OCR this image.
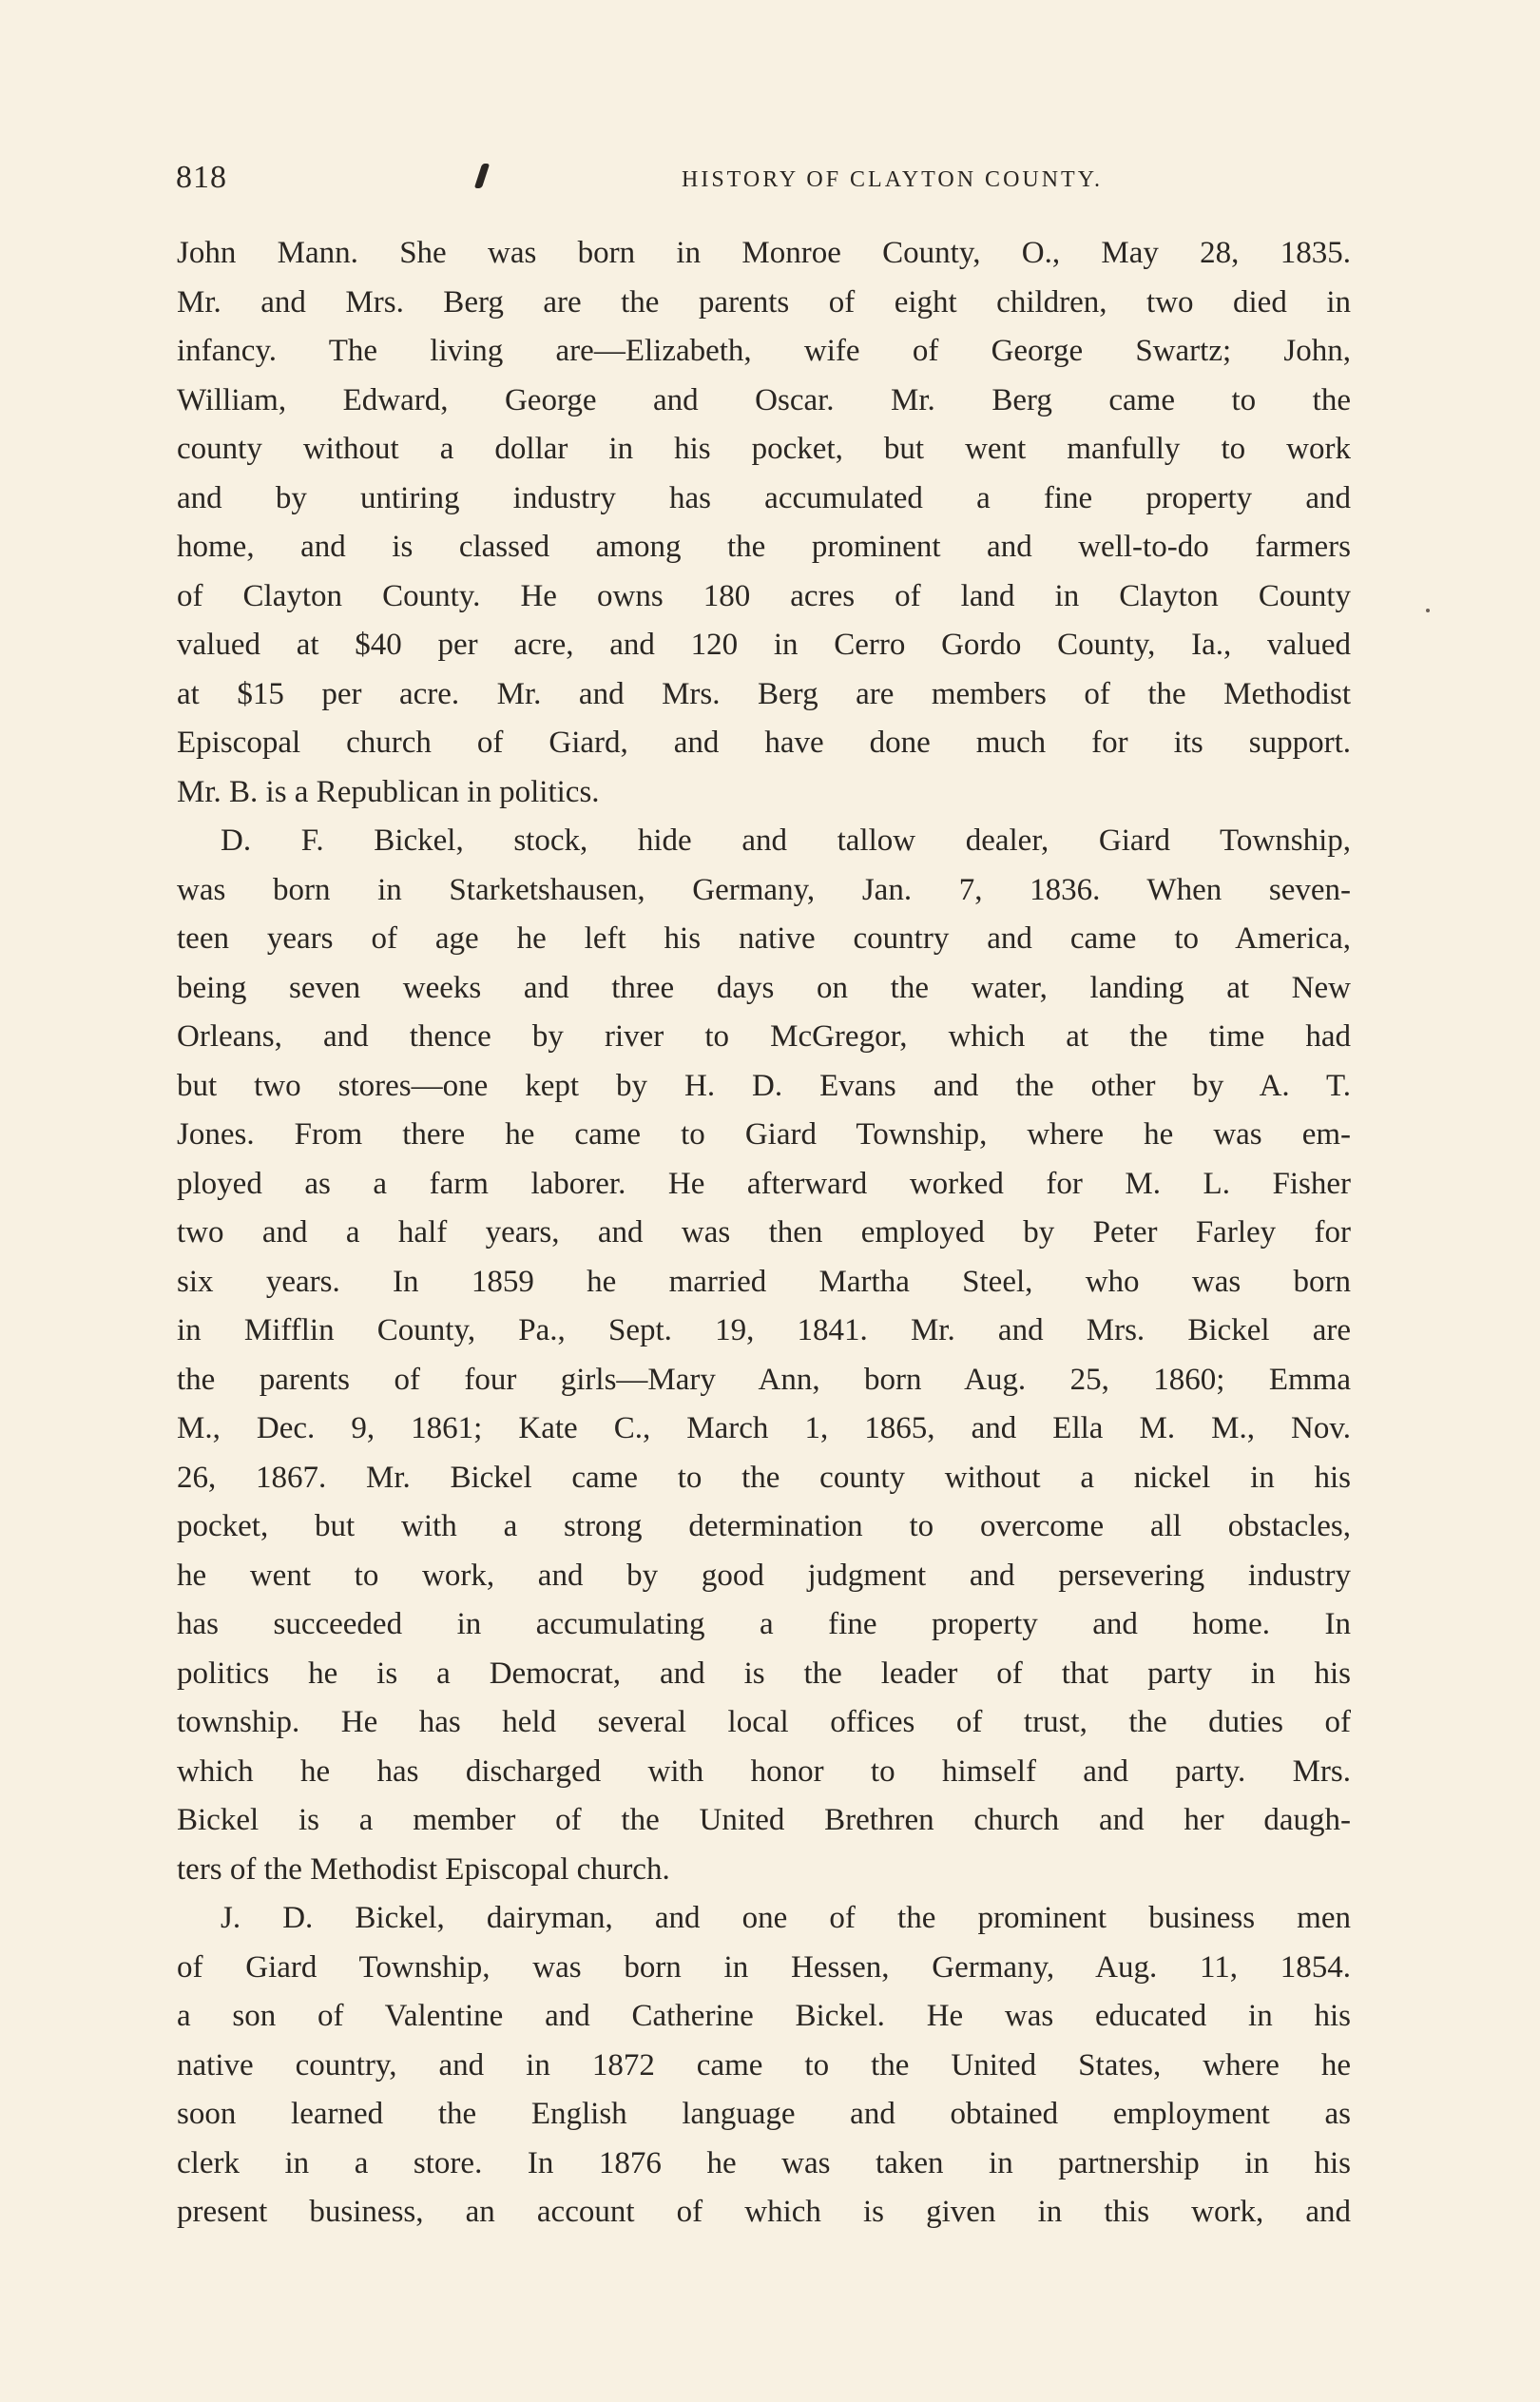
818	HISTORY OF CLAYTON COUNTY.
John Mann. She was born in Monroe County, O., May 28, 1835.
Mr. and Mrs. Berg are the parents of eight children, two died in
infancy. The living are—Elizabeth, wife of George Swartz; John,
William, Edward, George and Oscar. Mr. Berg came to the
county without a dollar in his pocket, but went manfully to work
and by untiring industry has accumulated a fine property and
home, and is classed among the prominent and well-to-do farmers
of Clayton County. He owns 180 acres of land in Clayton County
valued at $40 per acre, and 120 in Cerro Gordo County, Ia., valued
at $15 per acre. Mr. and Mrs. Berg are members of the Methodist
Episcopal church of Giard, and have done much for its support.
Mr. B. is a Republican in politics.
D. F. Bickel, stock, hide and tallow dealer, Giard Township,
was born in Starketshausen, Germany, Jan. 7, 1836. When seven-
teen years of age he left his native country and came to America,
being seven weeks and three days on the water, landing at New
Orleans, and thence by river to McGregor, which at the time had
but two stores—one kept by H. D. Evans and the other by A. T.
Jones. From there he came to Giard Township, where he was em-
ployed as a farm laborer. He afterward worked for M. L. Fisher
two and a half years, and was then employed by Peter Farley for
six years. In 1859 he married Martha Steel, who was born
in Mifflin County, Pa., Sept. 19, 1841. Mr. and Mrs. Bickel are
the parents of four girls—Mary Ann, born Aug. 25, 1860; Emma
M., Dec. 9, 1861; Kate C., March 1, 1865, and Ella M. M., Nov.
26, 1867. Mr. Bickel came to the county without a nickel in his
pocket, but with a strong determination to overcome all obstacles,
he went to work, and by good judgment and persevering industry
has succeeded in accumulating a fine property and home. In
politics he is a Democrat, and is the leader of that party in his
township. He has held several local offices of trust, the duties of
which he has discharged with honor to himself and party. Mrs.
Bickel is a member of the United Brethren church and her daugh-
ters of the Methodist Episcopal church.
J. D. Bickel, dairyman, and one of the prominent business men
of Giard Township, was born in Hessen, Germany, Aug. 11, 1854.
a son of Valentine and Catherine Bickel. He was educated in his
native country, and in 1872 came to the United States, where he
soon learned the English language and obtained employment as
clerk in a store. In 1876 he was taken in partnership in his
present business, an account of which is given in this work, and
